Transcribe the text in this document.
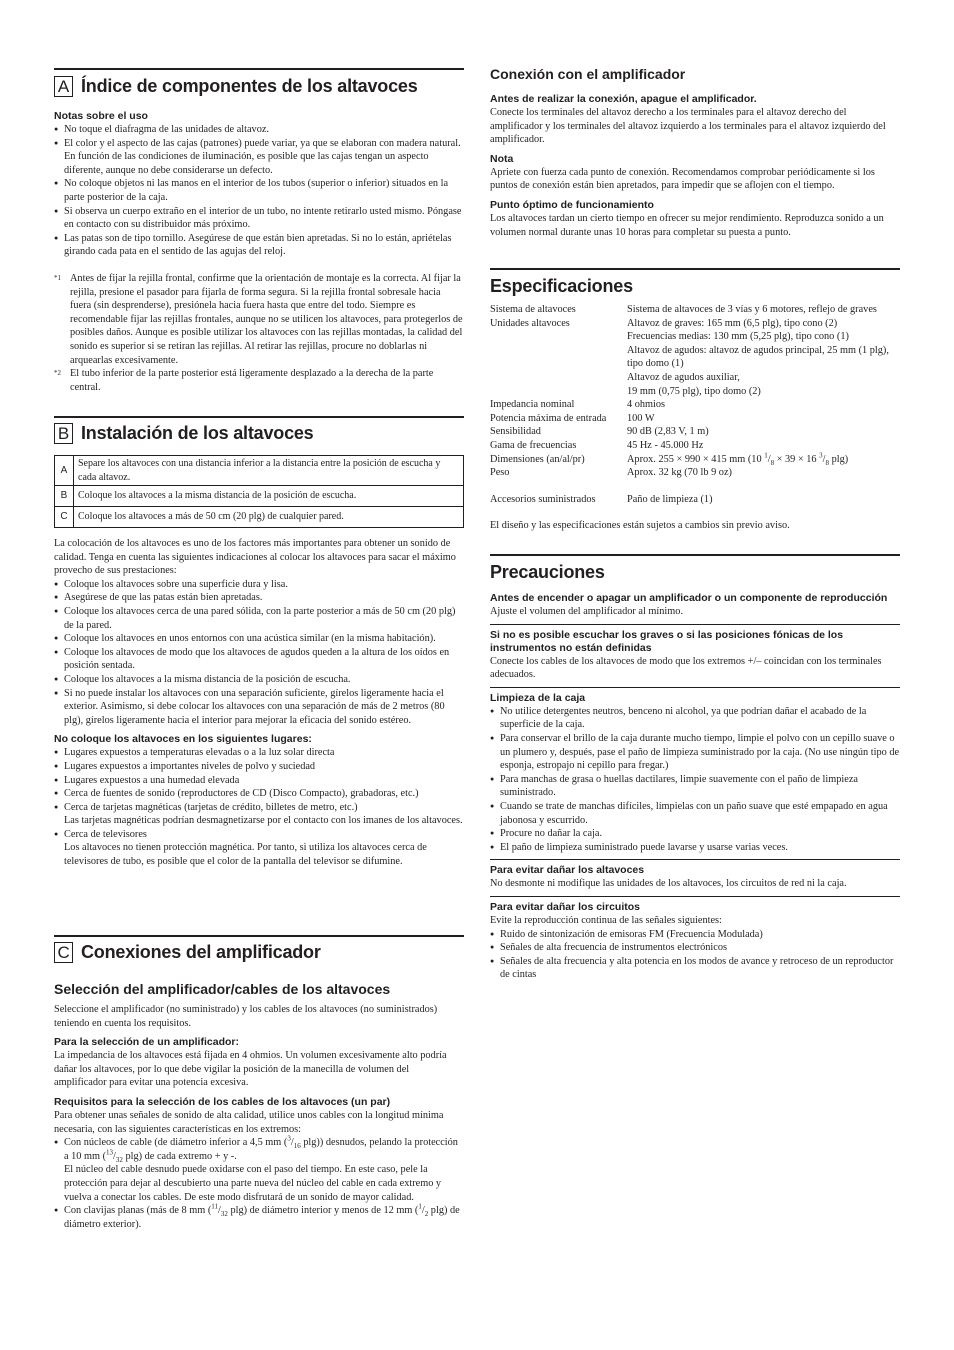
A Índice de componentes de los altavoces
Notas sobre el uso
● No toque el diafragma de las unidades de altavoz.
● El color y el aspecto de las cajas (patrones) puede variar, ya que se elaboran con madera natural. En función de las condiciones de iluminación, es posible que las cajas tengan un aspecto diferente, aunque no debe considerarse un defecto.
● No coloque objetos ni las manos en el interior de los tubos (superior o inferior) situados en la parte posterior de la caja.
● Si observa un cuerpo extraño en el interior de un tubo, no intente retirarlo usted mismo. Póngase en contacto con su distribuidor más próximo.
● Las patas son de tipo tornillo. Asegúrese de que están bien apretadas. Si no lo están, apriételas girando cada pata en el sentido de las agujas del reloj.
*1 Antes de fijar la rejilla frontal, confirme que la orientación de montaje es la correcta. Al fijar la rejilla, presione el pasador para fijarla de forma segura. Si la rejilla frontal sobresale hacia fuera (sin desprenderse), presiónela hacia fuera hasta que entre del todo. Siempre es recomendable fijar las rejillas frontales, aunque no se utilicen los altavoces, para protegerlos de posibles daños. Aunque es posible utilizar los altavoces con las rejillas montadas, la calidad del sonido es superior si se retiran las rejillas. Al retirar las rejillas, procure no doblarlas ni arquearlas excesivamente.
*2 El tubo inferior de la parte posterior está ligeramente desplazado a la derecha de la parte central.
B Instalación de los altavoces
A	Separe los altavoces con una distancia inferior a la distancia entre la posición de escucha y cada altavoz.
B	Coloque los altavoces a la misma distancia de la posición de escucha.
C	Coloque los altavoces a más de 50 cm (20 plg) de cualquier pared.

La colocación de los altavoces es uno de los factores más importantes para obtener un sonido de calidad. Tenga en cuenta las siguientes indicaciones al colocar los altavoces para sacar el máximo provecho de sus prestaciones:

● Coloque los altavoces sobre una superficie dura y lisa.
● Asegúrese de que las patas están bien apretadas.
● Coloque los altavoces cerca de una pared sólida, con la parte posterior a más de 50 cm (20 plg) de la pared.
● Coloque los altavoces en unos entornos con una acústica similar (en la misma habitación).
● Coloque los altavoces de modo que los altavoces de agudos queden a la altura de los oídos en posición sentada.
● Coloque los altavoces a la misma distancia de la posición de escucha.
● Si no puede instalar los altavoces con una separación suficiente, gírelos ligeramente hacia el exterior. Asimismo, si debe colocar los altavoces con una separación de más de 2 metros (80 plg), gírelos ligeramente hacia el interior para mejorar la eficacia del sonido estéreo.
No coloque los altavoces en los siguientes lugares:
● Lugares expuestos a temperaturas elevadas o a la luz solar directa
● Lugares expuestos a importantes niveles de polvo y suciedad
● Lugares expuestos a una humedad elevada
● Cerca de fuentes de sonido (reproductores de CD (Disco Compacto), grabadoras, etc.)
● Cerca de tarjetas magnéticas (tarjetas de crédito, billetes de metro, etc.)
Las tarjetas magnéticas podrían desmagnetizarse por el contacto con los imanes de los altavoces.
● Cerca de televisores
Los altavoces no tienen protección magnética. Por tanto, si utiliza los altavoces cerca de televisores de tubo, es posible que el color de la pantalla del televisor se difumine.
C Conexiones del amplificador
Selección del amplificador/cables de los altavoces

Seleccione el amplificador (no suministrado) y los cables de los altavoces (no suministrados) teniendo en cuenta los requisitos.

Para la selección de un amplificador:

La impedancia de los altavoces está fijada en 4 ohmios. Un volumen excesivamente alto podría dañar los altavoces, por lo que debe vigilar la posición de la manecilla de volumen del amplificador para evitar una potencia excesiva.

Requisitos para la selección de los cables de los altavoces (un par)

Para obtener unas señales de sonido de alta calidad, utilice unos cables con la longitud mínima necesaria, con las siguientes características en los extremos:

● Con núcleos de cable (de diámetro inferior a 4,5 mm ($^3/_{16}$ plg)) desnudos, pelando la protección a 10 mm ($^{13}/_{32}$ plg) de cada extremo + y -.
El núcleo del cable desnudo puede oxidarse con el paso del tiempo. En este caso, pele la protección para dejar al descubierto una parte nueva del núcleo del cable en cada extremo y vuelva a conectar los cables. De este modo disfrutará de un sonido de mayor calidad.
● Con clavijas planas (más de 8 mm ($^{11}/_{32}$ plg) de diámetro interior y menos de 12 mm ($^1/_2$ plg) de diámetro exterior).
Conexión con el amplificador
Antes de realizar la conexión, apague el amplificador.

Conecte los terminales del altavoz derecho a los terminales para el altavoz derecho del amplificador y los terminales del altavoz izquierdo a los terminales para el altavoz izquierdo del amplificador.

Nota

Apriete con fuerza cada punto de conexión. Recomendamos comprobar periódicamente si los puntos de conexión están bien apretados, para impedir que se aflojen con el tiempo.

Punto óptimo de funcionamiento

Los altavoces tardan un cierto tiempo en ofrecer su mejor rendimiento. Reproduzca sonido a un volumen normal durante unas 10 horas para completar su puesta a punto.

Especificaciones
Sistema de altavoces	Sistema de altavoces de 3 vías y 6 motores, reflejo de graves
Unidades altavoces	Altavoz de graves: 165 mm (6,5 plg), tipo cono (2)
Frecuencias medias: 130 mm (5,25 plg), tipo cono (1)
Altavoz de agudos: altavoz de agudos principal, 25 mm (1 plg), tipo domo (1)
Altavoz de agudos auxiliar,
19 mm (0,75 plg), tipo domo (2)
Impedancia nominal	4 ohmios
Potencia máxima de entrada	100 W
Sensibilidad	90 dB (2,83 V, 1 m)
Gama de frecuencias	45 Hz - 45.000 Hz
Dimensiones (an/al/pr)	Aprox. 255 × 990 × 415 mm (10 $^1/_8 \times 39 \times 16$ $^3/_8$ plg)
Peso	Aprox. 32 kg (70 lb 9 oz)
Accesorios suministrados	Paño de limpieza (1)

El diseño y las especificaciones están sujetos a cambios sin previo aviso.

Precauciones
Antes de encender o apagar un amplificador o un componente de reproducción

Ajuste el volumen del amplificador al mínimo.

Si no es posible escuchar los graves o si las posiciones fónicas de los instrumentos no están definidas

Conecte los cables de los altavoces de modo que los extremos +/– coincidan con los terminales adecuados.

Limpieza de la caja
● No utilice detergentes neutros, benceno ni alcohol, ya que podrían dañar el acabado de la superficie de la caja.
● Para conservar el brillo de la caja durante mucho tiempo, limpie el polvo con un cepillo suave o un plumero y, después, pase el paño de limpieza suministrado por la caja. (No use ningún tipo de esponja, estropajo ni cepillo para fregar.)
● Para manchas de grasa o huellas dactilares, limpie suavemente con el paño de limpieza suministrado.
● Cuando se trate de manchas difíciles, límpielas con un paño suave que esté empapado en agua jabonosa y escurrido.
● Procure no dañar la caja.
● El paño de limpieza suministrado puede lavarse y usarse varias veces.
Para evitar dañar los altavoces

No desmonte ni modifique las unidades de los altavoces, los circuitos de red ni la caja.

Para evitar dañar los circuitos

Evite la reproducción continua de las señales siguientes:

● Ruido de sintonización de emisoras FM (Frecuencia Modulada)
● Señales de alta frecuencia de instrumentos electrónicos
● Señales de alta frecuencia y alta potencia en los modos de avance y retroceso de un reproductor de cintas
